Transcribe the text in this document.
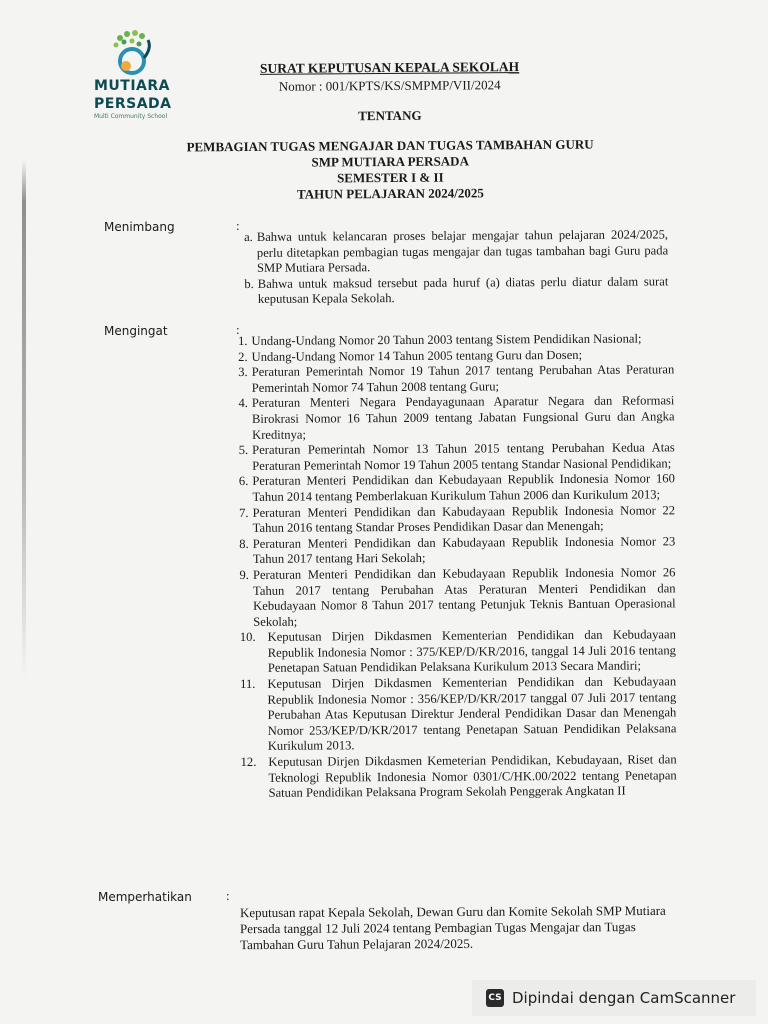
MUTIARA
PERSADA
Multi Community School
SURAT KEPUTUSAN KEPALA SEKOLAH
Nomor : 001/KPTS/KS/SMPMP/VII/2024
TENTANG
PEMBAGIAN TUGAS MENGAJAR DAN TUGAS TAMBAHAN GURU
SMP MUTIARA PERSADA
SEMESTER I & II
TAHUN PELAJARAN 2024/2025
Menimbang	:
a. Bahwa untuk kelancaran proses belajar mengajar tahun pelajaran 2024/2025, perlu ditetapkan pembagian tugas mengajar dan tugas tambahan bagi Guru pada SMP Mutiara Persada.
b. Bahwa untuk maksud tersebut pada huruf (a) diatas perlu diatur dalam surat keputusan Kepala Sekolah.
Mengingat	:
1. Undang-Undang Nomor 20 Tahun 2003 tentang Sistem Pendidikan Nasional;
2. Undang-Undang Nomor 14 Tahun 2005 tentang Guru dan Dosen;
3. Peraturan Pemerintah Nomor 19 Tahun 2017 tentang Perubahan Atas Peraturan Pemerintah Nomor 74 Tahun 2008 tentang Guru;
4. Peraturan Menteri Negara Pendayagunaan Aparatur Negara dan Reformasi Birokrasi Nomor 16 Tahun 2009 tentang Jabatan Fungsional Guru dan Angka Kreditnya;
5. Peraturan Pemerintah Nomor 13 Tahun 2015 tentang Perubahan Kedua Atas Peraturan Pemerintah Nomor 19 Tahun 2005 tentang Standar Nasional Pendidikan;
6. Peraturan Menteri Pendidikan dan Kebudayaan Republik Indonesia Nomor 160 Tahun 2014 tentang Pemberlakuan Kurikulum Tahun 2006 dan Kurikulum 2013;
7. Peraturan Menteri Pendidikan dan Kabudayaan Republik Indonesia Nomor 22 Tahun 2016 tentang Standar Proses Pendidikan Dasar dan Menengah;
8. Peraturan Menteri Pendidikan dan Kabudayaan Republik Indonesia Nomor 23 Tahun 2017 tentang Hari Sekolah;
9. Peraturan Menteri Pendidikan dan Kebudayaan Republik Indonesia Nomor 26 Tahun 2017 tentang Perubahan Atas Peraturan Menteri Pendidikan dan Kebudayaan Nomor 8 Tahun 2017 tentang Petunjuk Teknis Bantuan Operasional Sekolah;
10. Keputusan Dirjen Dikdasmen Kementerian Pendidikan dan Kebudayaan Republik Indonesia Nomor : 375/KEP/D/KR/2016, tanggal 14 Juli 2016 tentang Penetapan Satuan Pendidikan Pelaksana Kurikulum 2013 Secara Mandiri;
11. Keputusan Dirjen Dikdasmen Kementerian Pendidikan dan Kebudayaan Republik Indonesia Nomor : 356/KEP/D/KR/2017 tanggal 07 Juli 2017 tentang Perubahan Atas Keputusan Direktur Jenderal Pendidikan Dasar dan Menengah Nomor 253/KEP/D/KR/2017 tentang Penetapan Satuan Pendidikan Pelaksana Kurikulum 2013.
12. Keputusan Dirjen Dikdasmen Kemeterian Pendidikan, Kebudayaan, Riset dan Teknologi Republik Indonesia Nomor 0301/C/HK.00/2022 tentang Penetapan Satuan Pendidikan Pelaksana Program Sekolah Penggerak Angkatan II
Memperhatikan	:
Keputusan rapat Kepala Sekolah, Dewan Guru dan Komite Sekolah SMP Mutiara Persada tanggal 12 Juli 2024 tentang Pembagian Tugas Mengajar dan Tugas Tambahan Guru Tahun Pelajaran 2024/2025.
CS Dipindai dengan CamScanner
